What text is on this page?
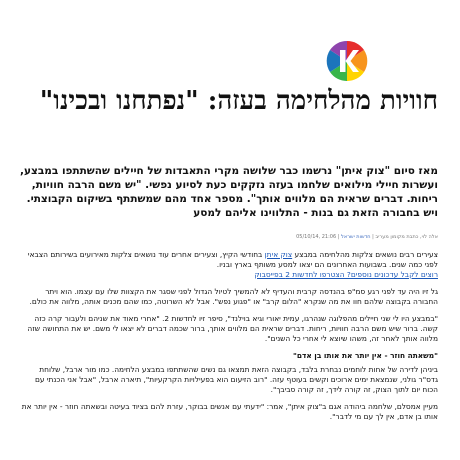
חוויות מהלחימה בעזה: "נפתחנו ובכינו"

מאז סיום "צוק איתן" נרשמו כבר שלושה מקרי התאבדות של חיילים שהשתתפו במבצע, ועשרות חיילי מילואים שלחמו בעזה נזקקים כעת לסיוע נפשי. "יש משם הרבה חוויות, ריחות. דברים שראית הם מלווים אותך". מספר אחד מהם שמשתתף בשיקום הקבוצתי. ויש בחבורה הזאת גם בנות - התלווינו אליהם למסע

אלה לוי, כתבת מקומון מעריב | חדשות ישראל | 21:06 ,05/10/14

צעירים רבים נושאים צלקות מהלחימה במבצע צוק איתן בחודשי הקיץ, וצעירים אחרים עוד נושאים צלקות מאירועים בשירותם הצבאי לפני כמה שנים. בשבועות האחרונים הם יצאו למסע משותף בארץ ובניו.
רוצים לקבל עדכונים נוספים? הצטרפו לחדשות 2 בפייסבוק

גל זיו היה עד לפני רגע סמ"פ בהנדסה קרבית והעדיף לא להמשיך לטיול הגדול לפני שסגר את הקצוות שלו עם עצמו. הוא ויתר החבורה בקבוצה שלהם חוו את מה שנקרא "הלום קרב" או "פגוע נפש". אבל לא השרוטה, כמו שהם מכנים אותה, מלווה את כולם.

"במבצע היו לי שני חיילים מהפלוגה שנהרגו, עמית יאורי וגיא בוילנד", סיפר זיו לחדשות 2. "אחרי מאוד את שניהם ולעבור קרה כזה קשה. ברור שיש משם הרבה חוויות, ריחות. דברים שראית הם מלווים אותך, ברור שכמה דברים לא יצאו לי משם. יש את התחושה שזה מלווה אותך לאחר זה, משהו שיוצא לי אחרי כל השנים".

"משאתה חוזר - אין יותר את אותו בן אדם"

ביניהן לדירה של אחות לוחמים נבחרת בלבד, בקבוצה הזאת תמצאו גם נשים שהשתתפו במבצע הלחימה. כמו מור ארבל, שלוחת גדס"ר גולני, שנמצאת ימים ארוכים וקשים בעוטף עזה. "רוב הזיעום הוא בפעילויות הקרקעיות", תיארה ארבל, "אבל אני הכנתי עם הכוח יום לתוך הצוק, זה קורה לידך, זה קורה סביבך".

מעיין אמסלם, שלחמה ביהודה אגם ב"צוק איתן", אמר: "ידעתי עם אנשים בבוקר, עזרת להם בציוד בעיטה ובשאתה חוזר - אין יותר את אותו בן אדם, אין לך עם מי לדבר".
